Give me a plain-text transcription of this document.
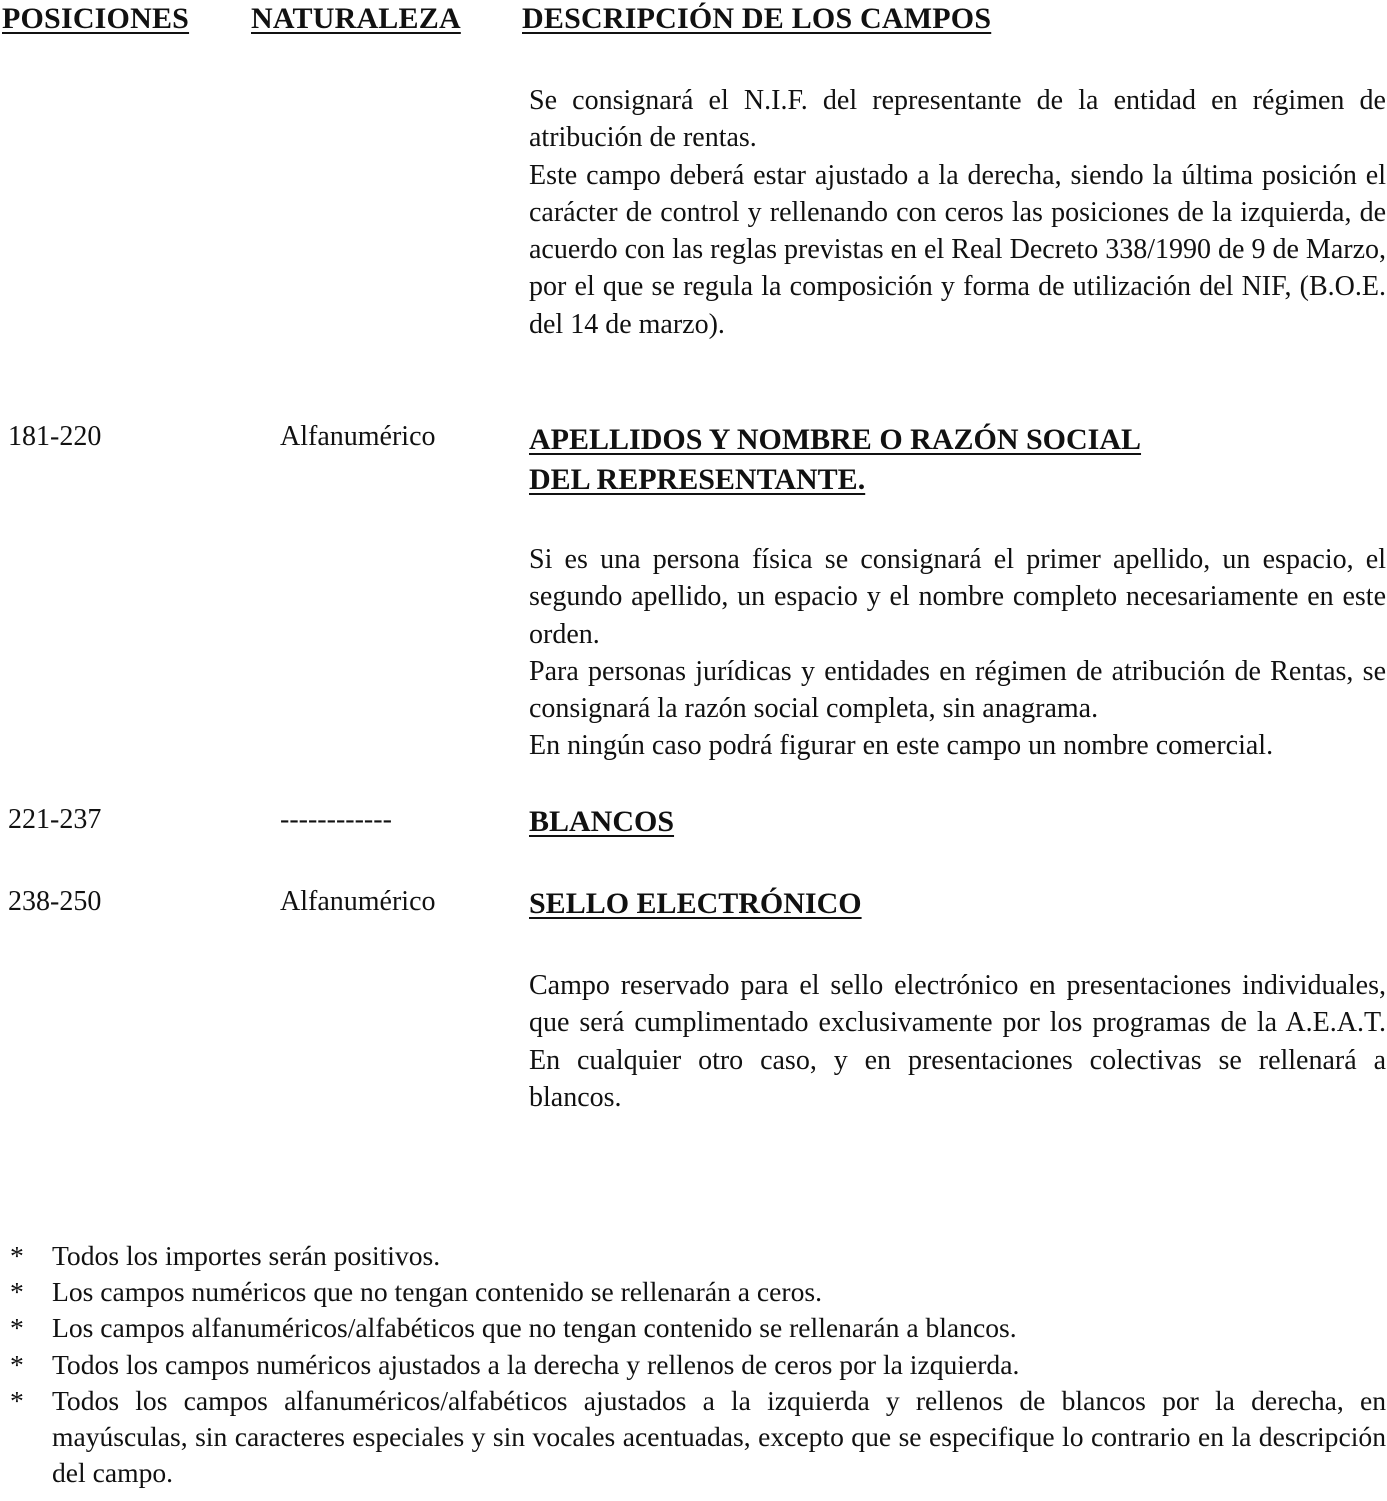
POSICIONES NATURALEZA DESCRIPCIÓN DE LOS CAMPOS

Se consignará el N.I.F. del representante de la entidad en régimen de atribución de rentas.

Este campo deberá estar ajustado a la derecha, siendo la última posición el carácter de control y rellenando con ceros las posiciones de la izquierda, de acuerdo con las reglas previstas en el Real Decreto 338/1990 de 9 de Marzo, por el que se regula la composición y forma de utilización del NIF, (B.O.E. del 14 de marzo).

181-220	Alfanumérico	APELLIDOS Y NOMBRE O RAZÓN SOCIAL
DEL REPRESENTANTE.

Si es una persona física se consignará el primer apellido, un espacio, el segundo apellido, un espacio y el nombre completo necesariamente en este orden.

Para personas jurídicas y entidades en régimen de atribución de Rentas, se consignará la razón social completa, sin anagrama.

En ningún caso podrá figurar en este campo un nombre comercial.

221-237	------------	BLANCOS
238-250	Alfanumérico	SELLO ELECTRÓNICO

Campo reservado para el sello electrónico en presentaciones individuales, que será cumplimentado exclusivamente por los programas de la A.E.A.T. En cualquier otro caso, y en presentaciones colectivas se rellenará a blancos.

*	Todos los importes serán positivos.
*	Los campos numéricos que no tengan contenido se rellenarán a ceros.
*	Los campos alfanuméricos/alfabéticos que no tengan contenido se rellenarán a blancos.
*	Todos los campos numéricos ajustados a la derecha y rellenos de ceros por la izquierda.
*	Todos los campos alfanuméricos/alfabéticos ajustados a la izquierda y rellenos de blancos por la derecha, en mayúsculas, sin caracteres especiales y sin vocales acentuadas, excepto que se especifique lo contrario en la descripción del campo.
